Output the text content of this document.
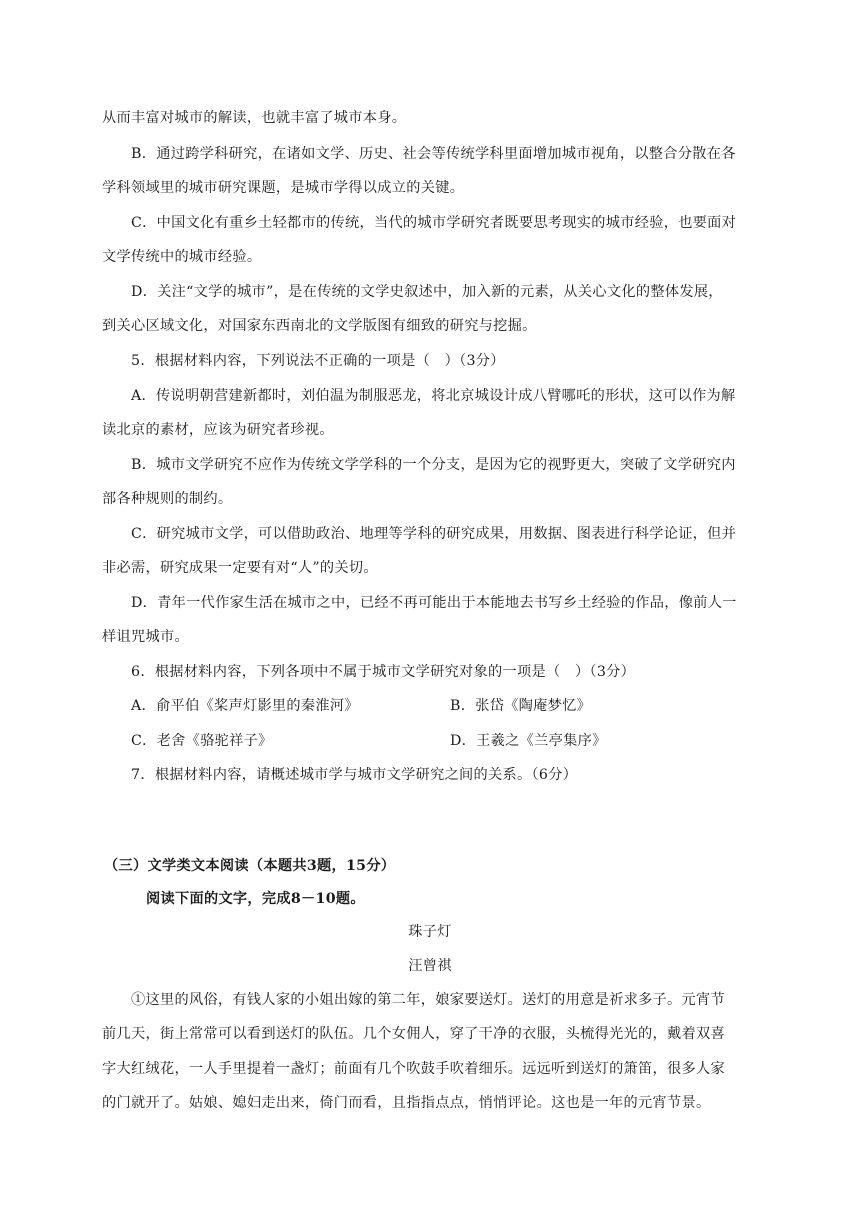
从而丰富对城市的解读，也就丰富了城市本身。
B．通过跨学科研究，在诸如文学、历史、社会等传统学科里面增加城市视角，以整合分散在各
学科领域里的城市研究课题，是城市学得以成立的关键。
C．中国文化有重乡土轻都市的传统，当代的城市学研究者既要思考现实的城市经验，也要面对
文学传统中的城市经验。
D．关注“文学的城市”，是在传统的文学史叙述中，加入新的元素，从关心文化的整体发展，
到关心区域文化，对国家东西南北的文学版图有细致的研究与挖掘。
5．根据材料内容，下列说法不正确的一项是（　）（3分）
A．传说明朝营建新都时，刘伯温为制服恶龙，将北京城设计成八臂哪吒的形状，这可以作为解
读北京的素材，应该为研究者珍视。
B．城市文学研究不应作为传统文学学科的一个分支，是因为它的视野更大，突破了文学研究内
部各种规则的制约。
C．研究城市文学，可以借助政治、地理等学科的研究成果，用数据、图表进行科学论证，但并
非必需，研究成果一定要有对“人”的关切。
D．青年一代作家生活在城市之中，已经不再可能出于本能地去书写乡土经验的作品，像前人一
样诅咒城市。
6．根据材料内容，下列各项中不属于城市文学研究对象的一项是（　）（3分）
A．俞平伯《桨声灯影里的秦淮河》	B．张岱《陶庵梦忆》
C．老舍《骆驼祥子》	D．王羲之《兰亭集序》
7．根据材料内容，请概述城市学与城市文学研究之间的关系。（6分）
（三）文学类文本阅读（本题共3题，15分）
阅读下面的文字，完成8－10题。
珠子灯
汪曾祺
①这里的风俗，有钱人家的小姐出嫁的第二年，娘家要送灯。送灯的用意是祈求多子。元宵节
前几天，街上常常可以看到送灯的队伍。几个女佣人，穿了干净的衣服，头梳得光光的，戴着双喜
字大红绒花，一人手里提着一盏灯；前面有几个吹鼓手吹着细乐。远远听到送灯的箫笛，很多人家
的门就开了。姑娘、媳妇走出来，倚门而看，且指指点点，悄悄评论。这也是一年的元宵节景。
